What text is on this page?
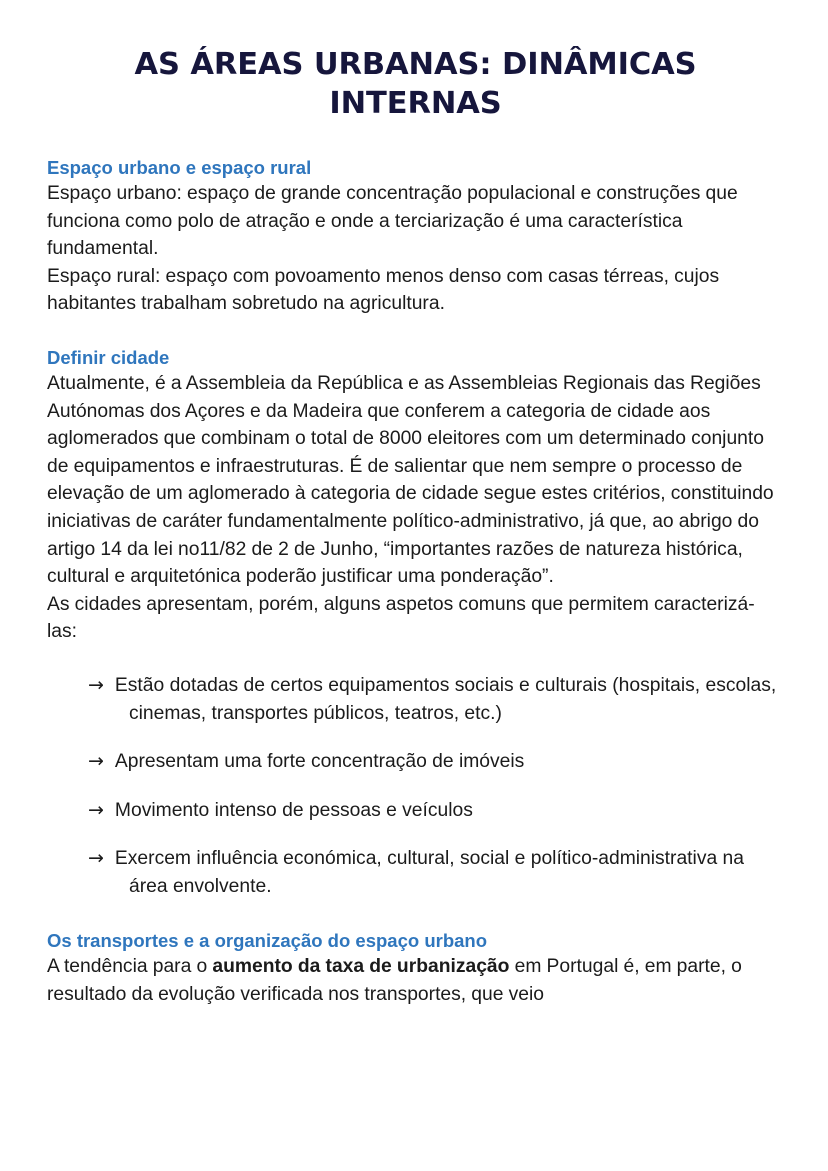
AS ÁREAS URBANAS: DINÂMICAS
INTERNAS
Espaço urbano e espaço rural

Espaço urbano: espaço de grande concentração populacional e construções que funciona como polo de atração e onde a terciarização é uma característica fundamental.

Espaço rural: espaço com povoamento menos denso com casas térreas, cujos habitantes trabalham sobretudo na agricultura.

Definir cidade

Atualmente, é a Assembleia da República e as Assembleias Regionais das Regiões Autónomas dos Açores e da Madeira que conferem a categoria de cidade aos aglomerados que combinam o total de 8000 eleitores com um determinado conjunto de equipamentos e infraestruturas. É de salientar que nem sempre o processo de elevação de um aglomerado à categoria de cidade segue estes critérios, constituindo iniciativas de caráter fundamentalmente político-administrativo, já que, ao abrigo do artigo 14 da lei no11/82 de 2 de Junho, “importantes razões de natureza histórica, cultural e arquitetónica poderão justificar uma ponderação”.

As cidades apresentam, porém, alguns aspetos comuns que permitem caracterizá-las:

→ Estão dotadas de certos equipamentos sociais e culturais (hospitais, escolas, cinemas, transportes públicos, teatros, etc.)
→ Apresentam uma forte concentração de imóveis
→ Movimento intenso de pessoas e veículos
→ Exercem influência económica, cultural, social e político-administrativa na área envolvente.
Os transportes e a organização do espaço urbano

A tendência para o aumento da taxa de urbanização em Portugal é, em parte, o resultado da evolução verificada nos transportes, que veio
